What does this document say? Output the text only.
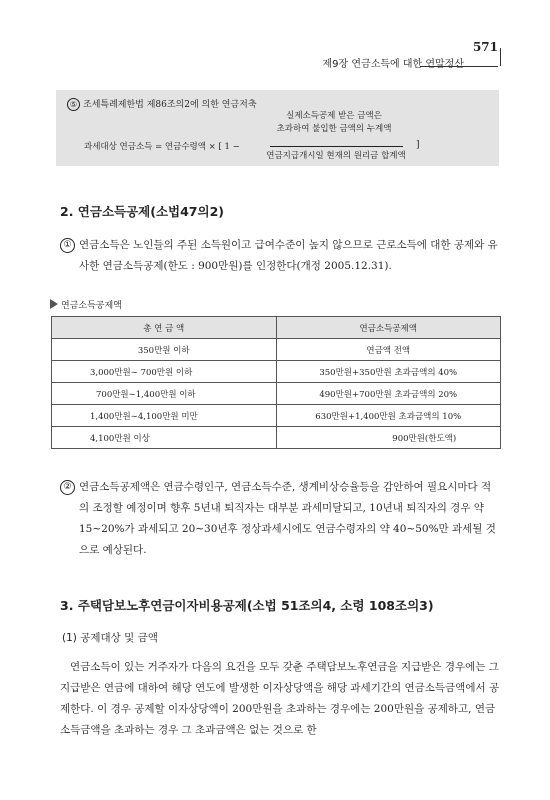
571
제9장 연금소득에 대한 연말정산
⑤ 조세특례제한법 제86조의2에 의한 연금저축
실제소득공제 받은 금액은
초과하여 불입한 금액의 누계액
과세대상 연금소득 = 연금수령액 × [ 1 −
연금지급개시일 현재의 원리금 합계액
]
2. 연금소득공제(소법47의2)
① 연금소득은 노인들의 주된 소득원이고 급여수준이 높지 않으므로 근로소득에 대한 공제와 유사한 연금소득공제(한도 : 900만원)를 인정한다(개정 2005.12.31).
연금소득공제액
총 연 금 액	연금소득공제액
350만원 이하	연금액 전액
3,000만원∼ 700만원 이하	350만원+350만원 초과금액의 40%
700만원∼1,400만원 이하	490만원+700만원 초과금액의 20%
1,400만원∼4,100만원 미만	630만원+1,400만원 초과금액의 10%
4,100만원 이상	900만원(한도액)
② 연금소득공제액은 연금수령인구, 연금소득수준, 생계비상승율등을 감안하여 필요시마다 적의 조정할 예정이며 향후 5년내 퇴직자는 대부분 과세미달되고, 10년내 퇴직자의 경우 약 15∼20%가 과세되고 20∼30년후 정상과세시에도 연금수령자의 약 40∼50%만 과세될 것으로 예상된다.
3. 주택담보노후연금이자비용공제(소법 51조의4, 소령 108조의3)
(1) 공제대상 및 금액
연금소득이 있는 거주자가 다음의 요건을 모두 갖춘 주택담보노후연금을 지급받은 경우에는 그 지급받은 연금에 대하여 해당 연도에 발생한 이자상당액을 해당 과세기간의 연금소득금액에서 공제한다. 이 경우 공제할 이자상당액이 200만원을 초과하는 경우에는 200만원을 공제하고, 연금소득금액을 초과하는 경우 그 초과금액은 없는 것으로 한
